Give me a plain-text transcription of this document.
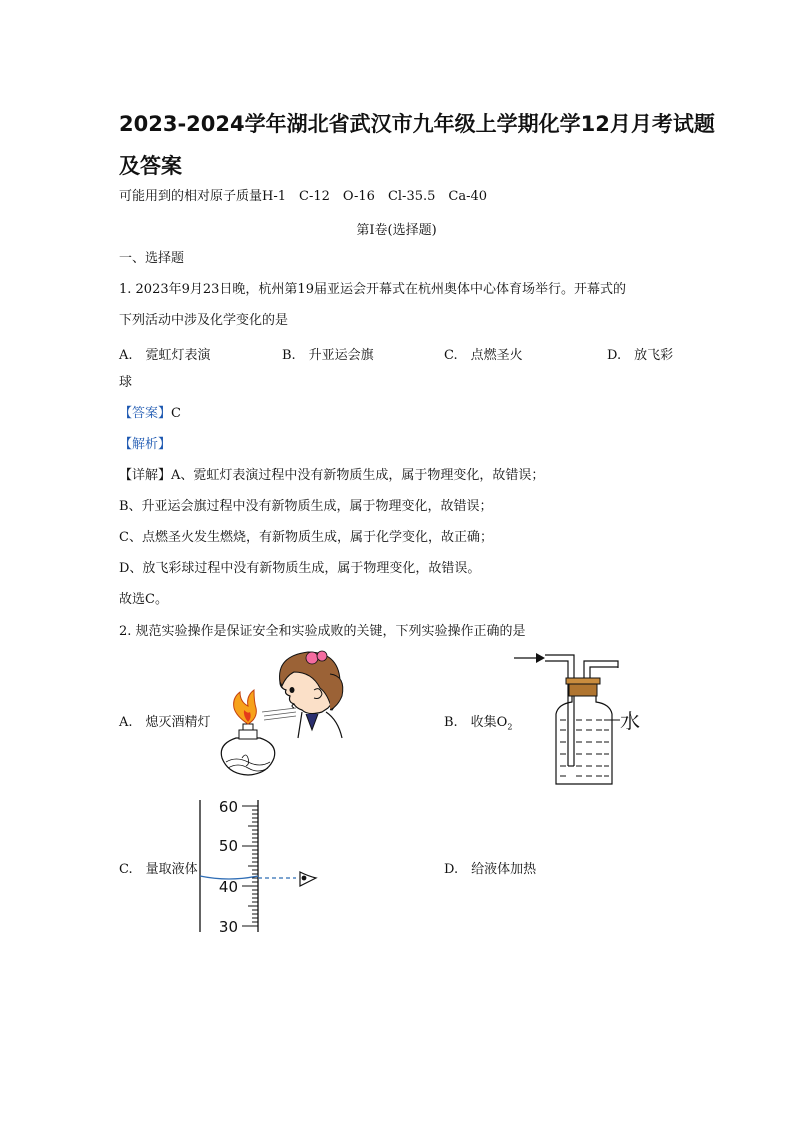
2023-2024学年湖北省武汉市九年级上学期化学12月月考试题及答案
可能用到的相对原子质量H-1　C-12　O-16　Cl-35.5　Ca-40
第Ⅰ卷(选择题)
一、选择题
1. 2023年9月23日晚，杭州第19届亚运会开幕式在杭州奥体中心体育场举行。开幕式的
下列活动中涉及化学变化的是
A.　霓虹灯表演	B.　升亚运会旗	C.　点燃圣火	D.　放飞彩
球
【答案】C
【解析】
【详解】A、霓虹灯表演过程中没有新物质生成，属于物理变化，故错误；
B、升亚运会旗过程中没有新物质生成，属于物理变化，故错误；
C、点燃圣火发生燃烧，有新物质生成，属于化学变化，故正确；
D、放飞彩球过程中没有新物质生成，属于物理变化，故错误。
故选C。
2. 规范实验操作是保证安全和实验成败的关键，下列实验操作正确的是
A.　熄灭酒精灯	B.　收集$O_2$
C.　量取液体	D.　给液体加热
水
60
50
40
30
